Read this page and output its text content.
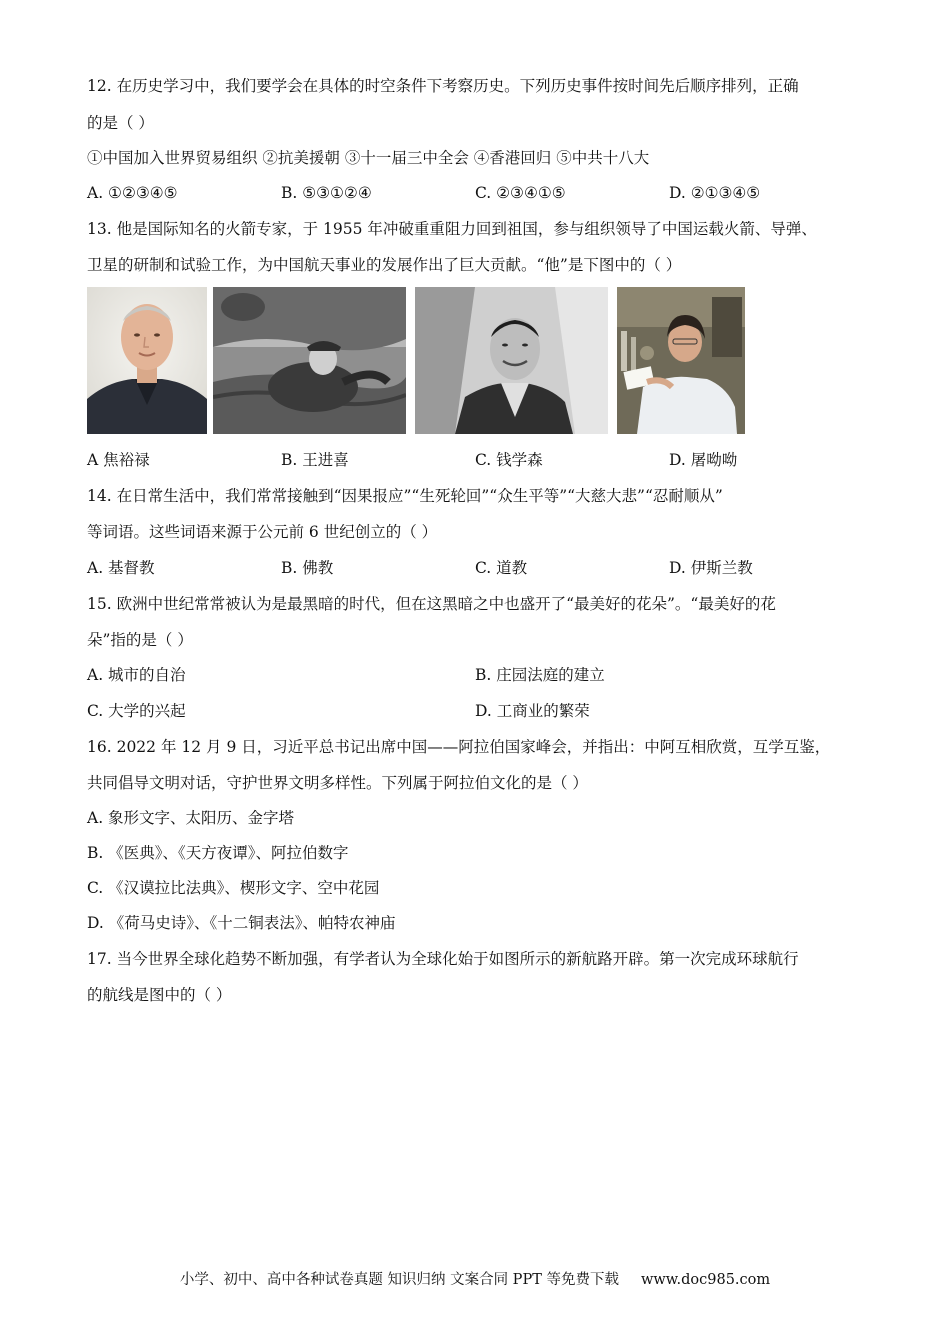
12. 在历史学习中，我们要学会在具体的时空条件下考察历史。下列历史事件按时间先后顺序排列，正确
的是（ ）
①中国加入世界贸易组织 ②抗美援朝 ③十一届三中全会 ④香港回归 ⑤中共十八大
A. ①②③④⑤	B. ⑤③①②④	C. ②③④①⑤	D. ②①③④⑤
13. 他是国际知名的火箭专家，于 1955 年冲破重重阻力回到祖国，参与组织领导了中国运载火箭、导弹、
卫星的研制和试验工作，为中国航天事业的发展作出了巨大贡献。“他”是下图中的（ ）
A 焦裕禄	B. 王进喜	C. 钱学森	D. 屠呦呦
14. 在日常生活中，我们常常接触到“因果报应”“生死轮回”“众生平等”“大慈大悲”“忍耐顺从”
等词语。这些词语来源于公元前 6 世纪创立的（ ）
A. 基督教	B. 佛教	C. 道教	D. 伊斯兰教
15. 欧洲中世纪常常被认为是最黑暗的时代，但在这黑暗之中也盛开了“最美好的花朵”。“最美好的花
朵”指的是（ ）
A. 城市的自治	B. 庄园法庭的建立
C. 大学的兴起	D. 工商业的繁荣
16. 2022 年 12 月 9 日，习近平总书记出席中国——阿拉伯国家峰会，并指出：中阿互相欣赏，互学互鉴，
共同倡导文明对话，守护世界文明多样性。下列属于阿拉伯文化的是（ ）
A. 象形文字、太阳历、金字塔
B. 《医典》、《天方夜谭》、阿拉伯数字
C. 《汉谟拉比法典》、楔形文字、空中花园
D. 《荷马史诗》、《十二铜表法》、帕特农神庙
17. 当今世界全球化趋势不断加强，有学者认为全球化始于如图所示的新航路开辟。第一次完成环球航行
的航线是图中的（ ）
小学、初中、高中各种试卷真题 知识归纳 文案合同 PPT 等免费下载 www.doc985.com
